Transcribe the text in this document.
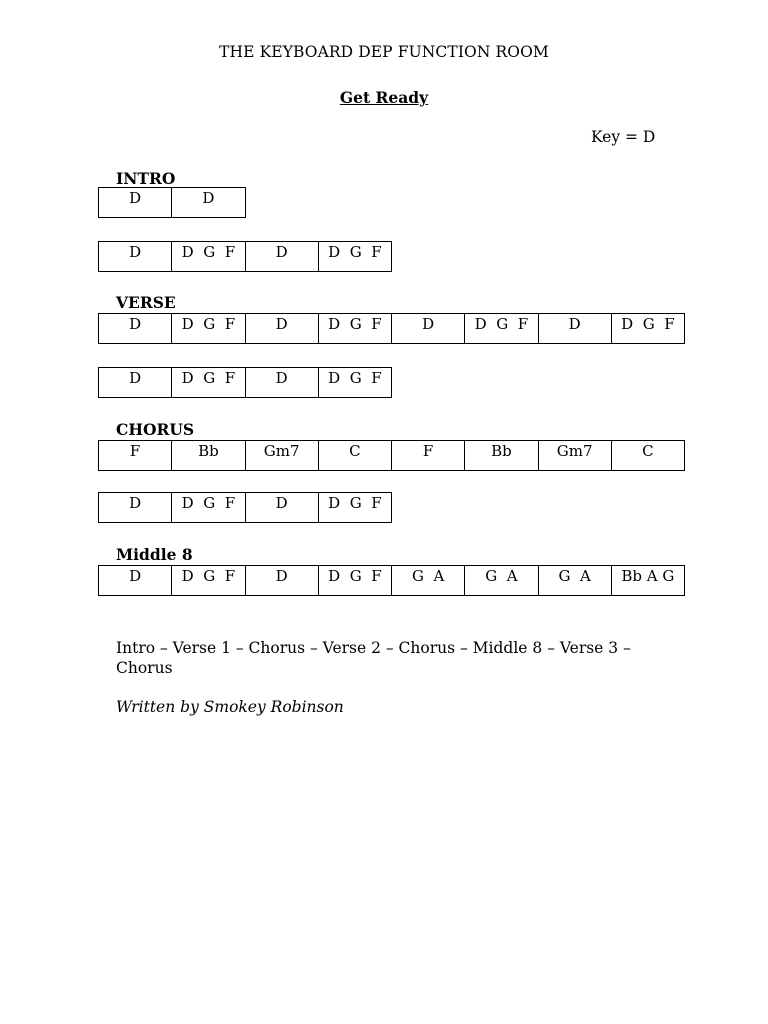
THE KEYBOARD DEP FUNCTION ROOM
Get Ready
Key = D
INTRO
D	D
D	D  G  F	D	D  G  F
VERSE
D	D  G  F	D	D  G  F	D	D  G  F	D	D  G  F
D	D  G  F	D	D  G  F
CHORUS
F	Bb	Gm7	C	F	Bb	Gm7	C
D	D  G  F	D	D  G  F
Middle 8
D	D  G  F	D	D  G  F	G  A	G  A	G  A	Bb A G
Intro – Verse 1 – Chorus – Verse 2 – Chorus – Middle 8 – Verse 3 – Chorus
Written by Smokey Robinson
